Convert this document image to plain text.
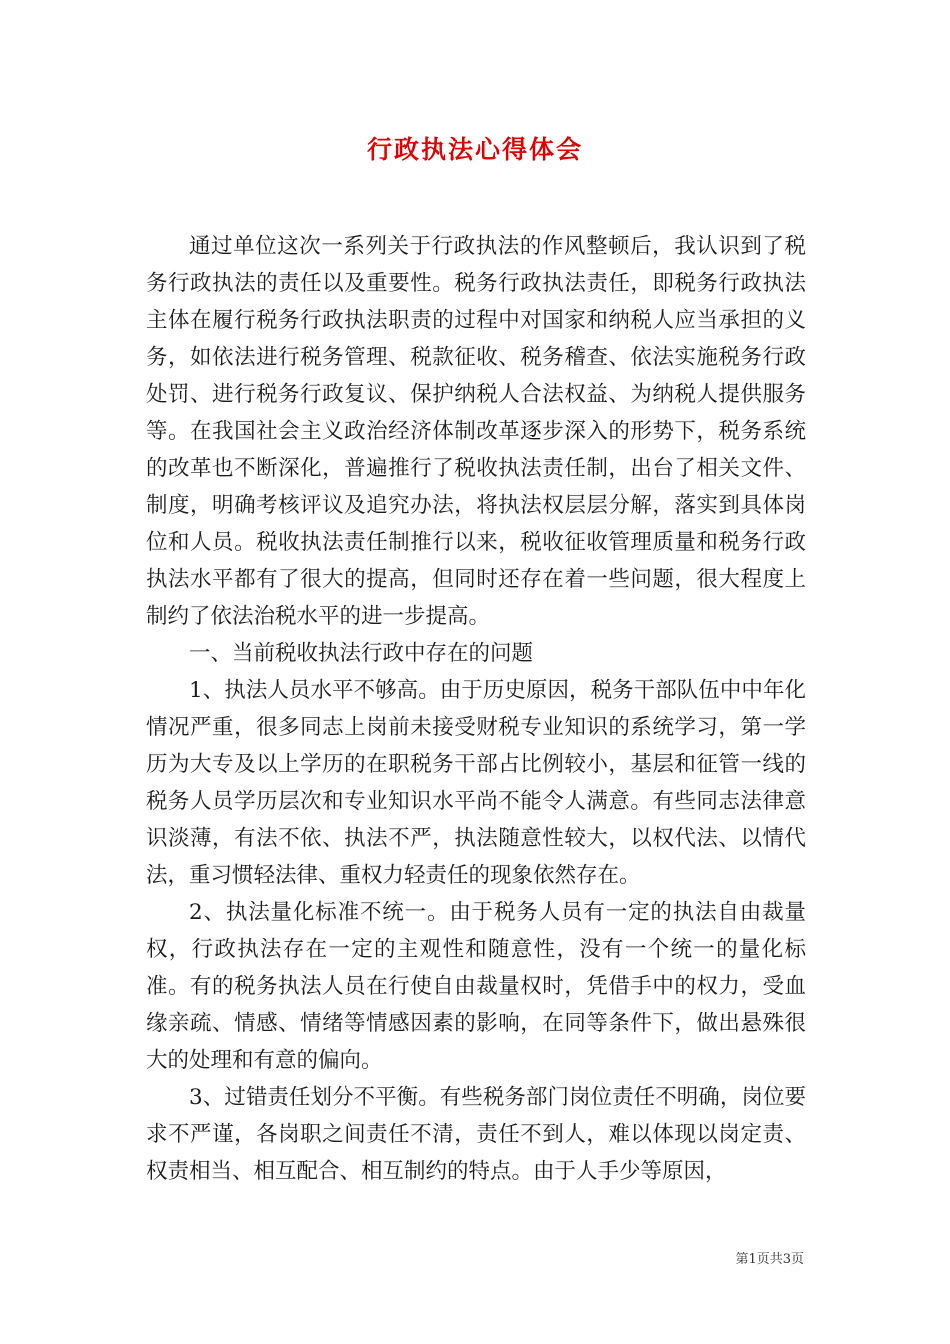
行政执法心得体会

通过单位这次一系列关于行政执法的作风整顿后，我认识到了税务行政执法的责任以及重要性。税务行政执法责任，即税务行政执法主体在履行税务行政执法职责的过程中对国家和纳税人应当承担的义务，如依法进行税务管理、税款征收、税务稽查、依法实施税务行政处罚、进行税务行政复议、保护纳税人合法权益、为纳税人提供服务等。在我国社会主义政治经济体制改革逐步深入的形势下，税务系统的改革也不断深化，普遍推行了税收执法责任制，出台了相关文件、制度，明确考核评议及追究办法，将执法权层层分解，落实到具体岗位和人员。税收执法责任制推行以来，税收征收管理质量和税务行政执法水平都有了很大的提高，但同时还存在着一些问题，很大程度上制约了依法治税水平的进一步提高。

一、当前税收执法行政中存在的问题

1、执法人员水平不够高。由于历史原因，税务干部队伍中中年化情况严重，很多同志上岗前未接受财税专业知识的系统学习，第一学历为大专及以上学历的在职税务干部占比例较小，基层和征管一线的税务人员学历层次和专业知识水平尚不能令人满意。有些同志法律意识淡薄，有法不依、执法不严，执法随意性较大，以权代法、以情代法，重习惯轻法律、重权力轻责任的现象依然存在。

2、执法量化标准不统一。由于税务人员有一定的执法自由裁量权，行政执法存在一定的主观性和随意性，没有一个统一的量化标准。有的税务执法人员在行使自由裁量权时，凭借手中的权力，受血缘亲疏、情感、情绪等情感因素的影响，在同等条件下，做出悬殊很大的处理和有意的偏向。

3、过错责任划分不平衡。有些税务部门岗位责任不明确，岗位要求不严谨，各岗职之间责任不清，责任不到人，难以体现以岗定责、权责相当、相互配合、相互制约的特点。由于人手少等原因，

第1页共3页
